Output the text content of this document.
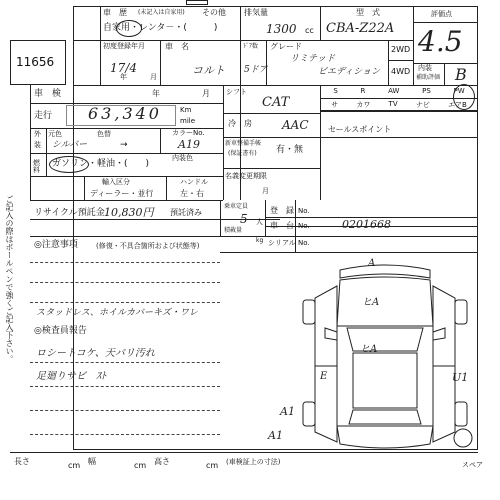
11656
ご記入の際はボールペンで強くご記入下さい。
車　歴 (未記入は自家用) その他
自家用・レンタ－・(　　　)
排気量
1300 cc
型　式
CBA-Z22A
評価点
4.5
初度登録年月
17/4
年	月
車　名
コルト
ﾄﾞｱ数
5ドア
グレード
リミテッド
ビエディション
2WD
4WD 内装
補助評価 B
車　検	年	月
走行 63,340	Km
mile
外　元色
装
色替
シルバー	→
カラーNo.
A19
内装色
燃料
ガソリン・軽油・(　　)
輸入区分	ハンドル
ディーラー・並行	左・右
シフト
CAT
冷　房	AAC
新車整備手帳
(保証書有) 有・無
名義変更期限
月
S	R	AW	PS	PW
サ	カワ	TV	ナビ	エアB
セールスポイント
リサイクル預託金 10,830円 預託済み
乗車定員
5 人
積載量
kg
登　録 No.
車　台 No.	0201668
シリアル No.
◎注意事項	(修復・不具合箇所および状態等)
スタッドレス、ホイルカバーキズ・ワレ
◎検査員報告
ロシートコケ、天バリ汚れ
足廻りサビ　ｽﾄ
A
ヒA
ヒA
E	U1
A1
A1
長さ	cm 幅	cm 高さ	cm (車検証上の寸法)	スペア
